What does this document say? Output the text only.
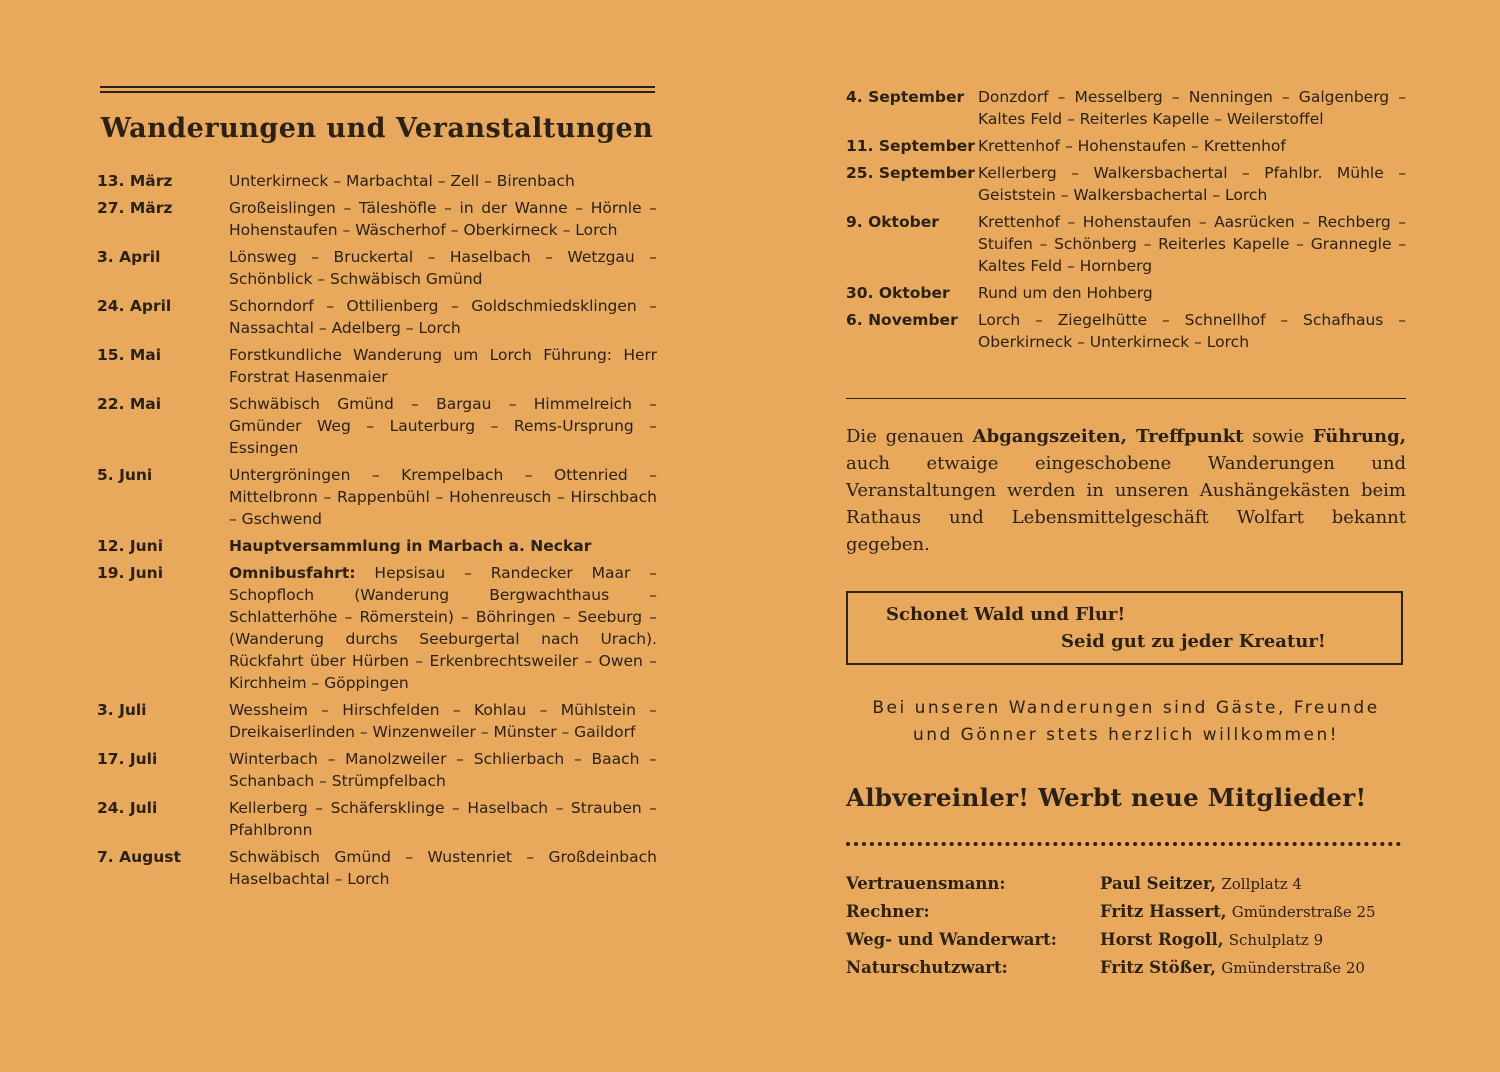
Wanderungen und Veranstaltungen
13. März	Unterkirneck – Marbachtal – Zell – Birenbach
27. März	Großeislingen – Täleshöfle – in der Wanne – Hörnle – Hohenstaufen – Wäscherhof – Oberkirneck – Lorch
3. April	Lönsweg – Bruckertal – Haselbach – Wetzgau – Schönblick – Schwäbisch Gmünd
24. April	Schorndorf – Ottilienberg – Goldschmiedsklingen – Nassachtal – Adelberg – Lorch
15. Mai	Forstkundliche Wanderung um Lorch Führung: Herr Forstrat Hasenmaier
22. Mai	Schwäbisch Gmünd – Bargau – Himmelreich – Gmünder Weg – Lauterburg – Rems-Ursprung – Essingen
5. Juni	Untergröningen – Krempelbach – Ottenried – Mittelbronn – Rappenbühl – Hohenreusch – Hirschbach – Gschwend
12. Juni	Hauptversammlung in Marbach a. Neckar
19. Juni	Omnibusfahrt: Hepsisau – Randecker Maar – Schopfloch (Wanderung Bergwachthaus – Schlatterhöhe – Römerstein) – Böhringen – Seeburg – (Wanderung durchs Seeburgertal nach Urach). Rückfahrt über Hürben – Erkenbrechtsweiler – Owen – Kirchheim – Göppingen
3. Juli	Wessheim – Hirschfelden – Kohlau – Mühlstein – Dreikaiserlinden – Winzenweiler – Münster – Gaildorf
17. Juli	Winterbach – Manolzweiler – Schlierbach – Baach – Schanbach – Strümpfelbach
24. Juli	Kellerberg – Schäfersklinge – Haselbach – Strauben – Pfahlbronn
7. August	Schwäbisch Gmünd – Wustenriet – Großdeinbach Haselbachtal – Lorch
4. September Donzdorf – Messelberg – Nenningen – Galgenberg – Kaltes Feld – Reiterles Kapelle – Weilerstoffel
11. September Krettenhof – Hohenstaufen – Krettenhof
25. September Kellerberg – Walkersbachertal – Pfahlbr. Mühle – Geiststein – Walkersbachertal – Lorch
9. Oktober	Krettenhof – Hohenstaufen – Aasrücken – Rechberg – Stuifen – Schönberg – Reiterles Kapelle – Grannegle – Kaltes Feld – Hornberg
30. Oktober	Rund um den Hohberg
6. November	Lorch – Ziegelhütte – Schnellhof – Schafhaus – Oberkirneck – Unterkirneck – Lorch
Die genauen Abgangszeiten, Treffpunkt sowie Führung, auch etwaige eingeschobene Wanderungen und Veranstaltungen werden in unseren Aushängekästen beim Rathaus und Lebensmittelgeschäft Wolfart bekannt gegeben.
Schonet Wald und Flur!
Seid gut zu jeder Kreatur!
Bei unseren Wanderungen sind Gäste, Freunde
und Gönner stets herzlich willkommen!
Albvereinler! Werbt neue Mitglieder!
Vertrauensmann:	Paul Seitzer, Zollplatz 4
Rechner:	Fritz Hassert, Gmünderstraße 25
Weg- und Wanderwart:	Horst Rogoll, Schulplatz 9
Naturschutzwart:	Fritz Stößer, Gmünderstraße 20
